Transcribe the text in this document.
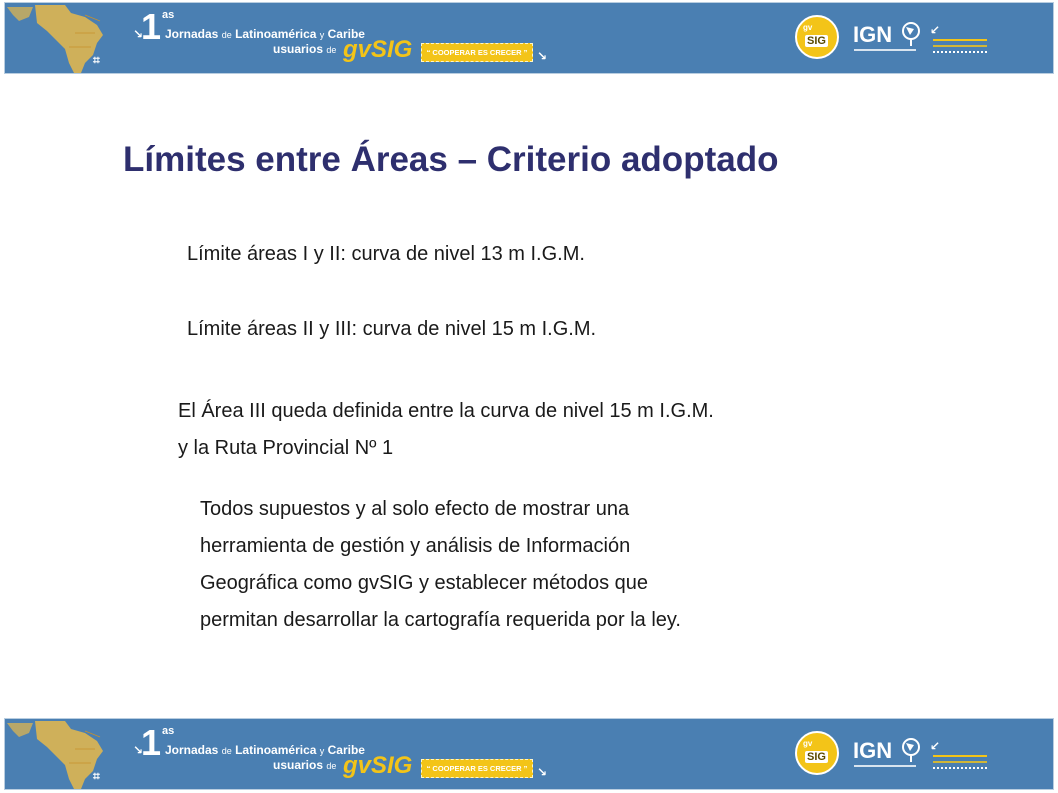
⌗
↘
1 as
Jornadas de Latinoamérica y Caribe
usuarios de gvSIG	“ COOPERAR ES CRECER ” ↘
gv
SIG IGN	↙
Límites entre Áreas – Criterio adoptado
Límite áreas I y II: curva de nivel 13 m I.G.M.
Límite áreas II y III: curva de nivel 15 m I.G.M.
El Área III queda definida entre la curva de nivel 15 m I.G.M.
y la Ruta Provincial Nº 1
Todos supuestos y al solo efecto de mostrar una
herramienta de gestión y análisis de Información
Geográfica como gvSIG y establecer métodos que
permitan desarrollar la cartografía requerida por la ley.
⌗
↘
1 as
Jornadas de Latinoamérica y Caribe
usuarios de gvSIG	“ COOPERAR ES CRECER ” ↘
gv
SIG IGN	↙
